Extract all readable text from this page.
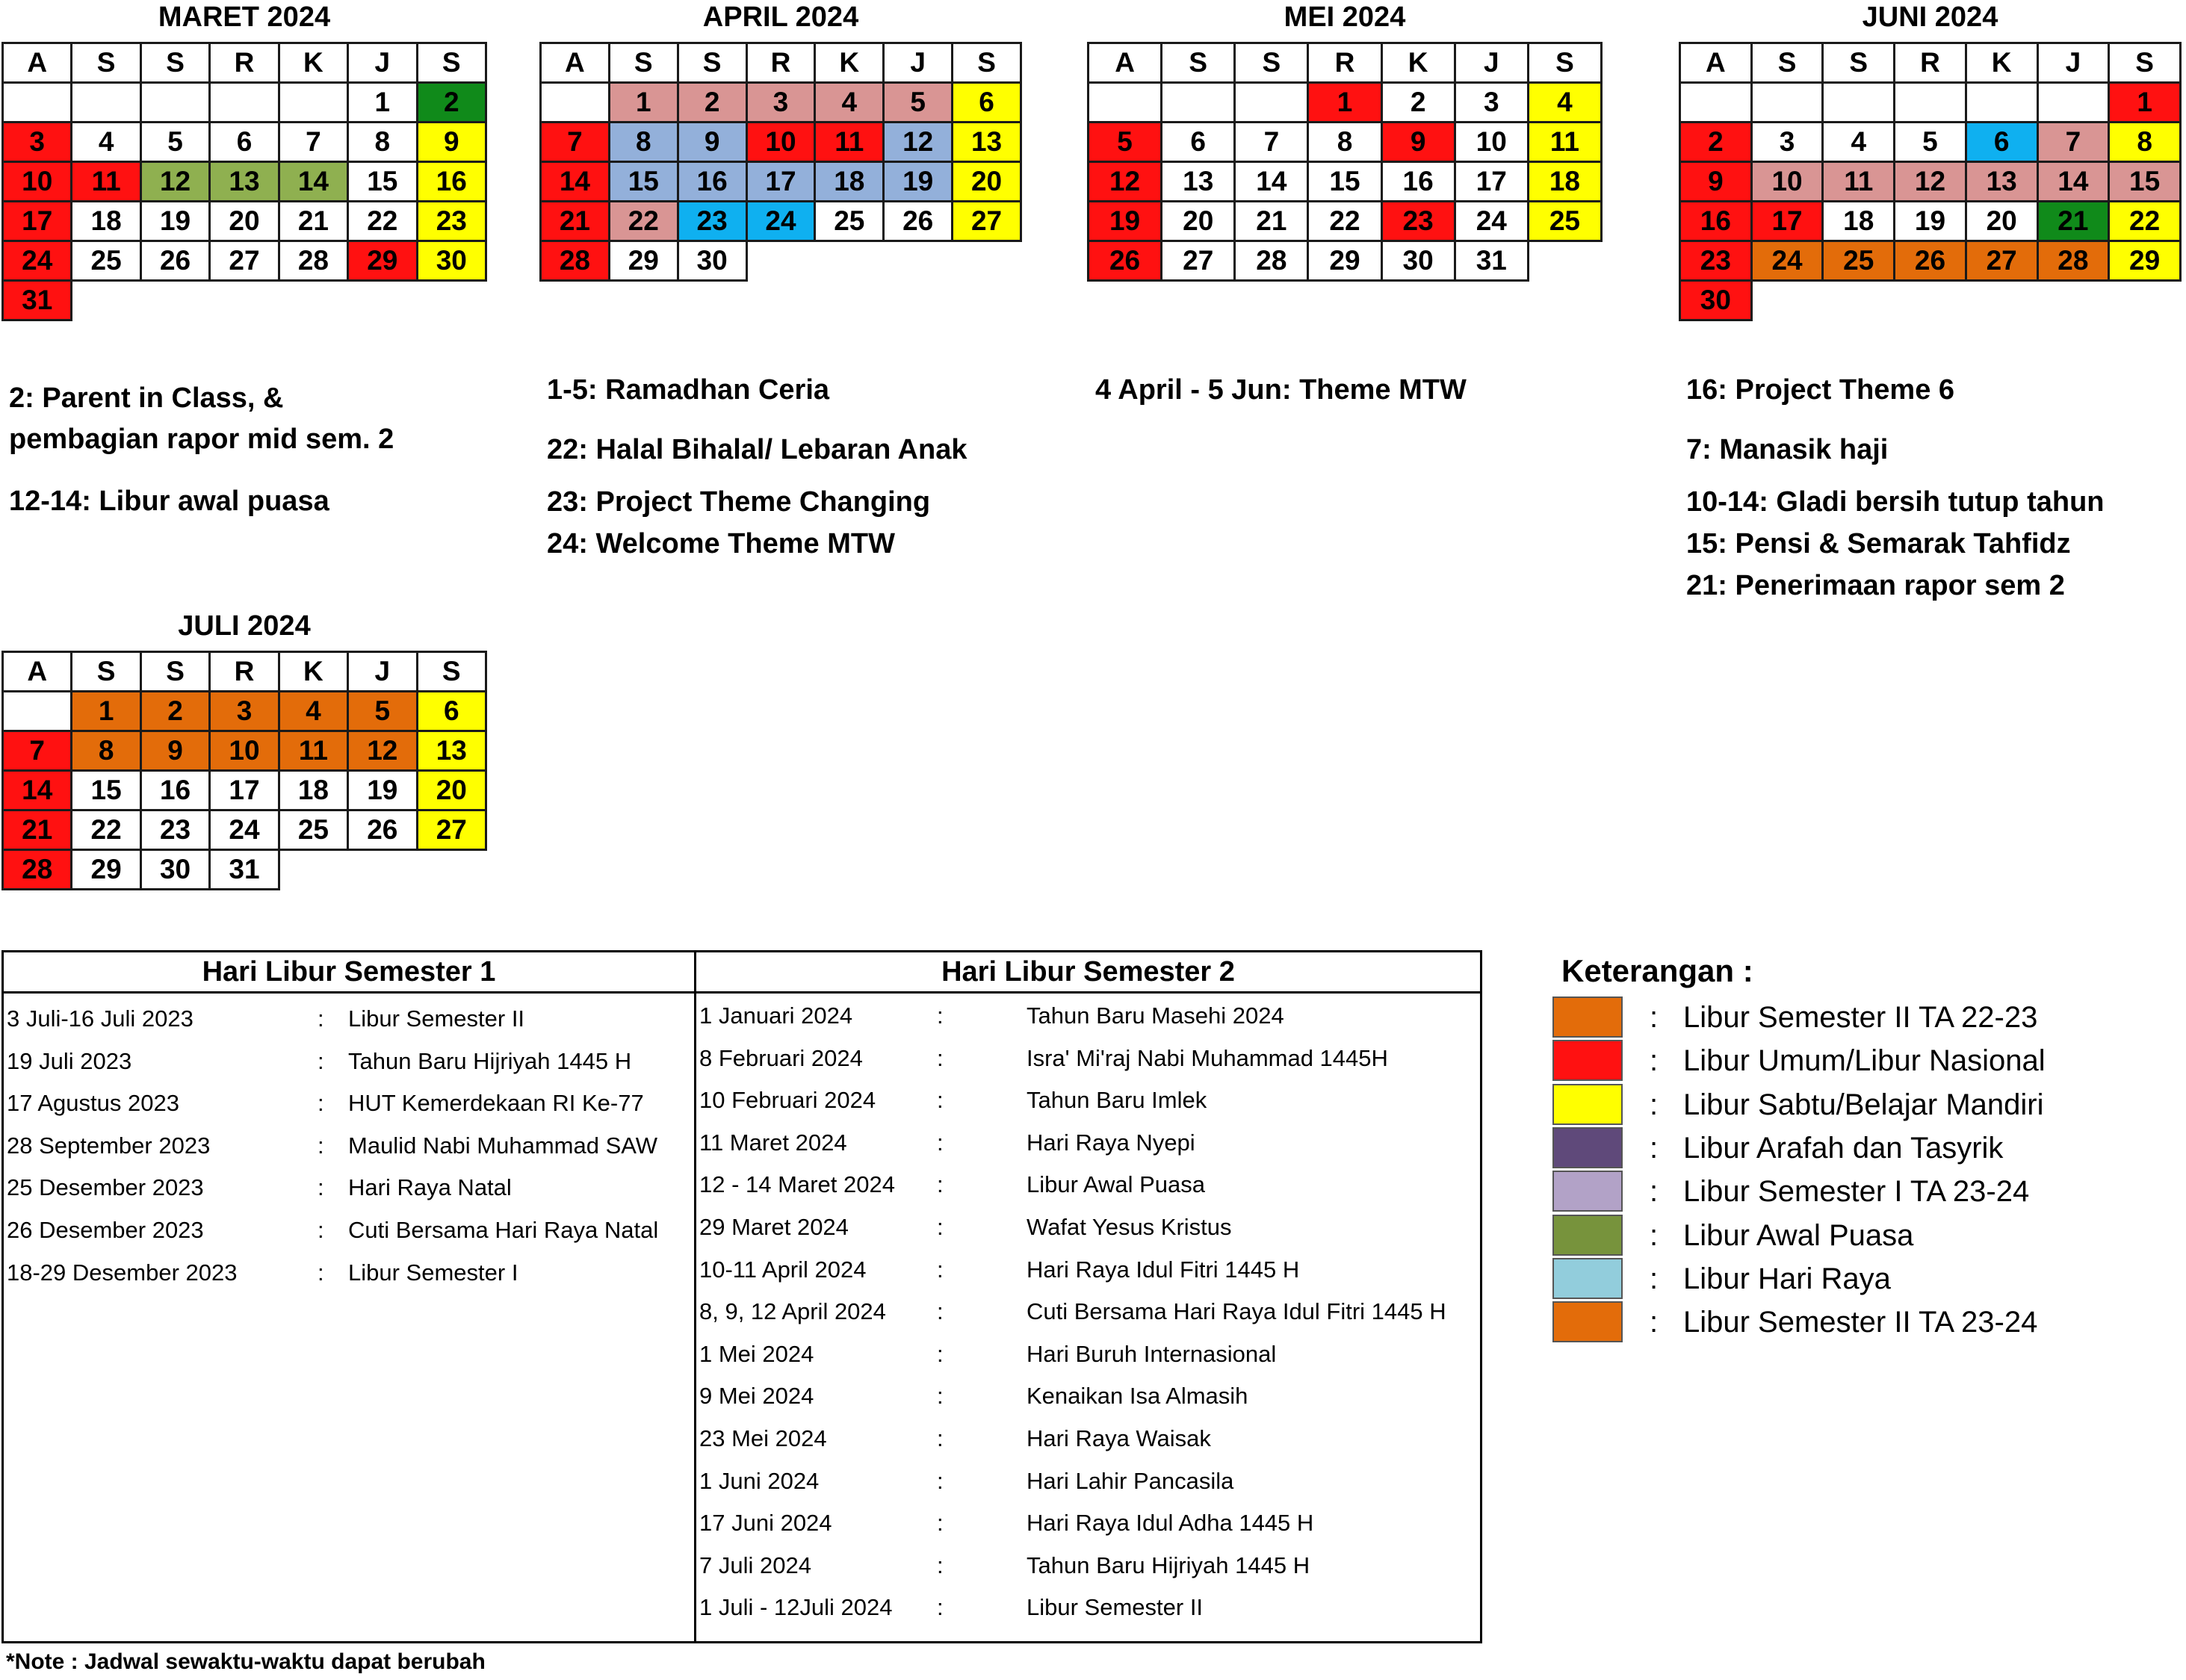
MARET 2024
A	S	S	R	K	J	S
					1	2
3	4	5	6	7	8	9
10	11	12	13	14	15	16
17	18	19	20	21	22	23
24	25	26	27	28	29	30
31						
APRIL 2024
A	S	S	R	K	J	S
	1	2	3	4	5	6
7	8	9	10	11	12	13
14	15	16	17	18	19	20
21	22	23	24	25	26	27
28	29	30				
MEI 2024
A	S	S	R	K	J	S
			1	2	3	4
5	6	7	8	9	10	11
12	13	14	15	16	17	18
19	20	21	22	23	24	25
26	27	28	29	30	31	
JUNI 2024
A	S	S	R	K	J	S
						1
2	3	4	5	6	7	8
9	10	11	12	13	14	15
16	17	18	19	20	21	22
23	24	25	26	27	28	29
30						
JULI 2024
A	S	S	R	K	J	S
	1	2	3	4	5	6
7	8	9	10	11	12	13
14	15	16	17	18	19	20
21	22	23	24	25	26	27
28	29	30	31			
2: Parent in Class, &
pembagian rapor mid sem. 2
12-14: Libur awal puasa
1-5: Ramadhan Ceria
22: Halal Bihalal/ Lebaran Anak
23: Project Theme Changing
24: Welcome Theme MTW
4 April - 5 Jun: Theme MTW	16: Project Theme 6
7: Manasik haji
10-14: Gladi bersih tutup tahun
15: Pensi & Semarak Tahfidz
21: Penerimaan rapor sem 2
Hari Libur Semester 1
3 Juli-16 Juli 2023	: Libur Semester II
19 Juli 2023	: Tahun Baru Hijriyah 1445 H
17 Agustus 2023	: HUT Kemerdekaan RI Ke-77
28 September 2023	: Maulid Nabi Muhammad SAW
25 Desember 2023	: Hari Raya Natal
26 Desember 2023	: Cuti Bersama Hari Raya Natal
18-29 Desember 2023	: Libur Semester I

Hari Libur Semester 2
1 Januari 2024	:	Tahun Baru Masehi 2024
8 Februari 2024	:	Isra' Mi'raj Nabi Muhammad 1445H
10 Februari 2024	:	Tahun Baru Imlek
11 Maret 2024	:	Hari Raya Nyepi
12 - 14 Maret 2024 :	Libur Awal Puasa
29 Maret 2024	:	Wafat Yesus Kristus
10-11 April 2024	:	Hari Raya Idul Fitri 1445 H
8, 9, 12 April 2024 :	Cuti Bersama Hari Raya Idul Fitri 1445 H
1 Mei 2024	:	Hari Buruh Internasional
9 Mei 2024	:	Kenaikan Isa Almasih
23 Mei 2024	:	Hari Raya Waisak
1 Juni 2024	:	Hari Lahir Pancasila
17 Juni 2024	:	Hari Raya Idul Adha 1445 H
7 Juli 2024	:	Tahun Baru Hijriyah 1445 H
1 Juli - 12Juli 2024 :	Libur Semester II
Keterangan :
: Libur Semester II TA 22-23
: Libur Umum/Libur Nasional
: Libur Sabtu/Belajar Mandiri
: Libur Arafah dan Tasyrik
: Libur Semester I TA 23-24
: Libur Awal Puasa
: Libur Hari Raya
: Libur Semester II TA 23-24
*Note : Jadwal sewaktu-waktu dapat berubah
